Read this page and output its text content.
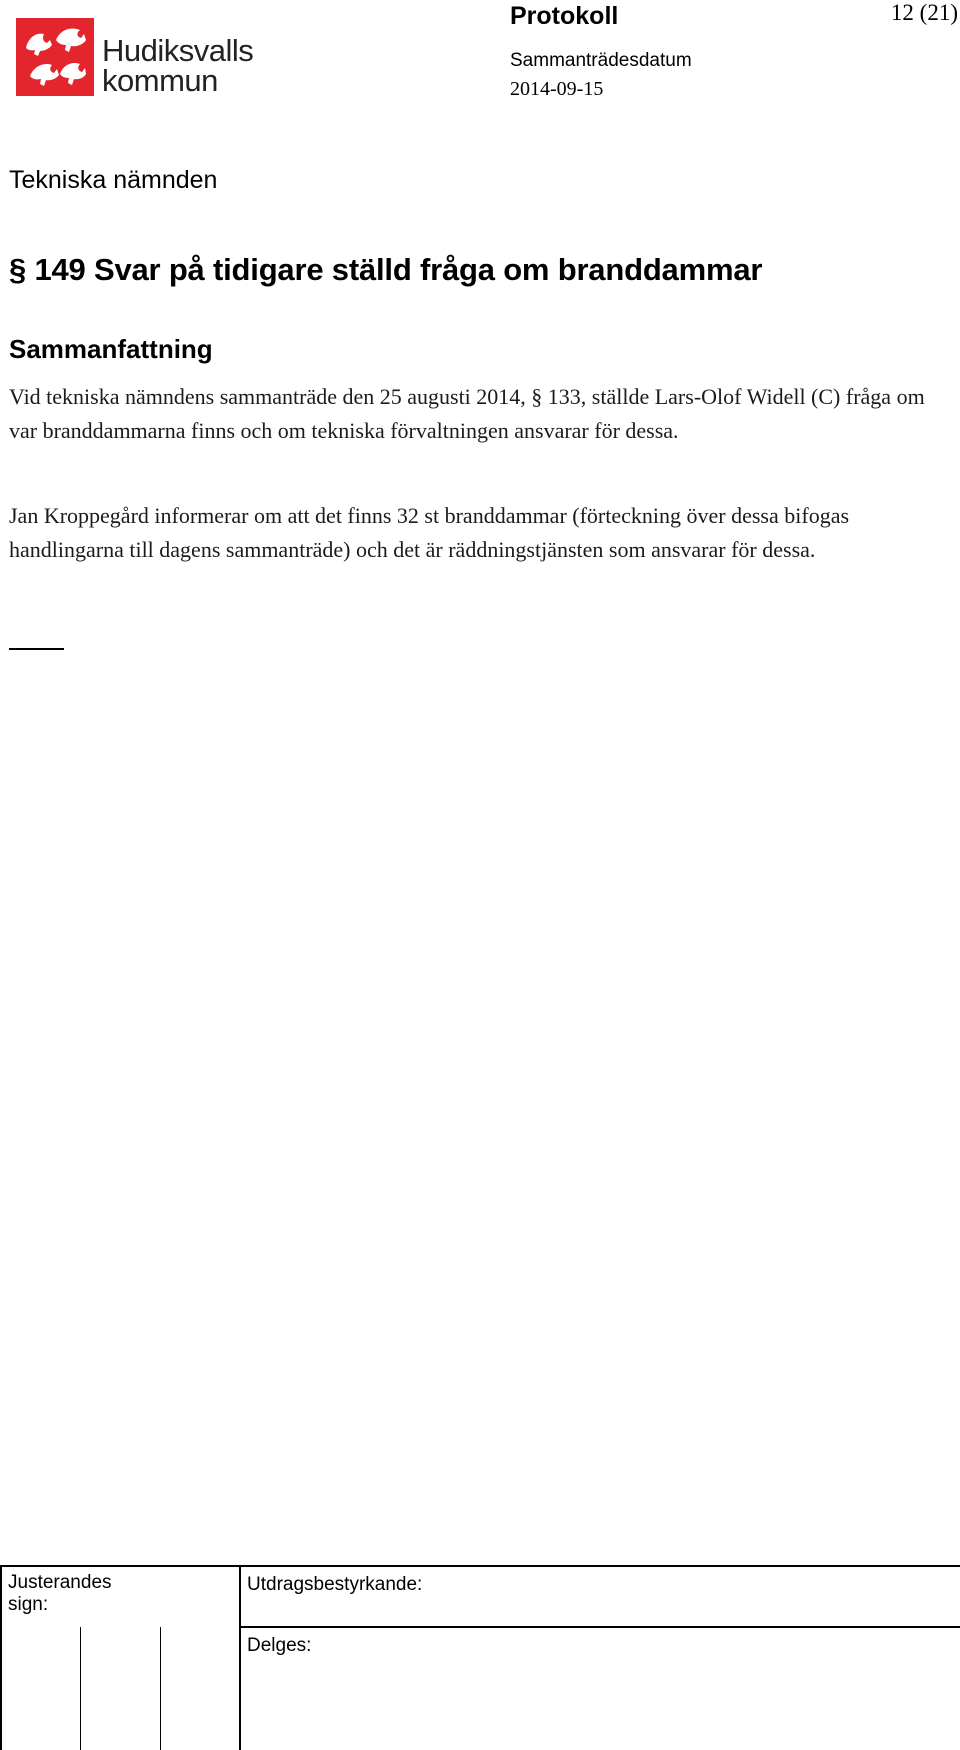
Hudiksvalls
kommun
Protokoll	12 (21)
Sammanträdesdatum
2014-09-15
Tekniska nämnden
§ 149 Svar på tidigare ställd fråga om branddammar
Sammanfattning
Vid tekniska nämndens sammanträde den 25 augusti 2014, § 133, ställde Lars-Olof Widell (C) fråga om var branddammarna finns och om tekniska förvaltningen ansvarar för dessa.
Jan Kroppegård informerar om att det finns 32 st branddammar (förteckning över dessa bifogas handlingarna till dagens sammanträde) och det är räddningstjänsten som ansvarar för dessa.
Justerandes sign:
Utdragsbestyrkande:
Delges:
